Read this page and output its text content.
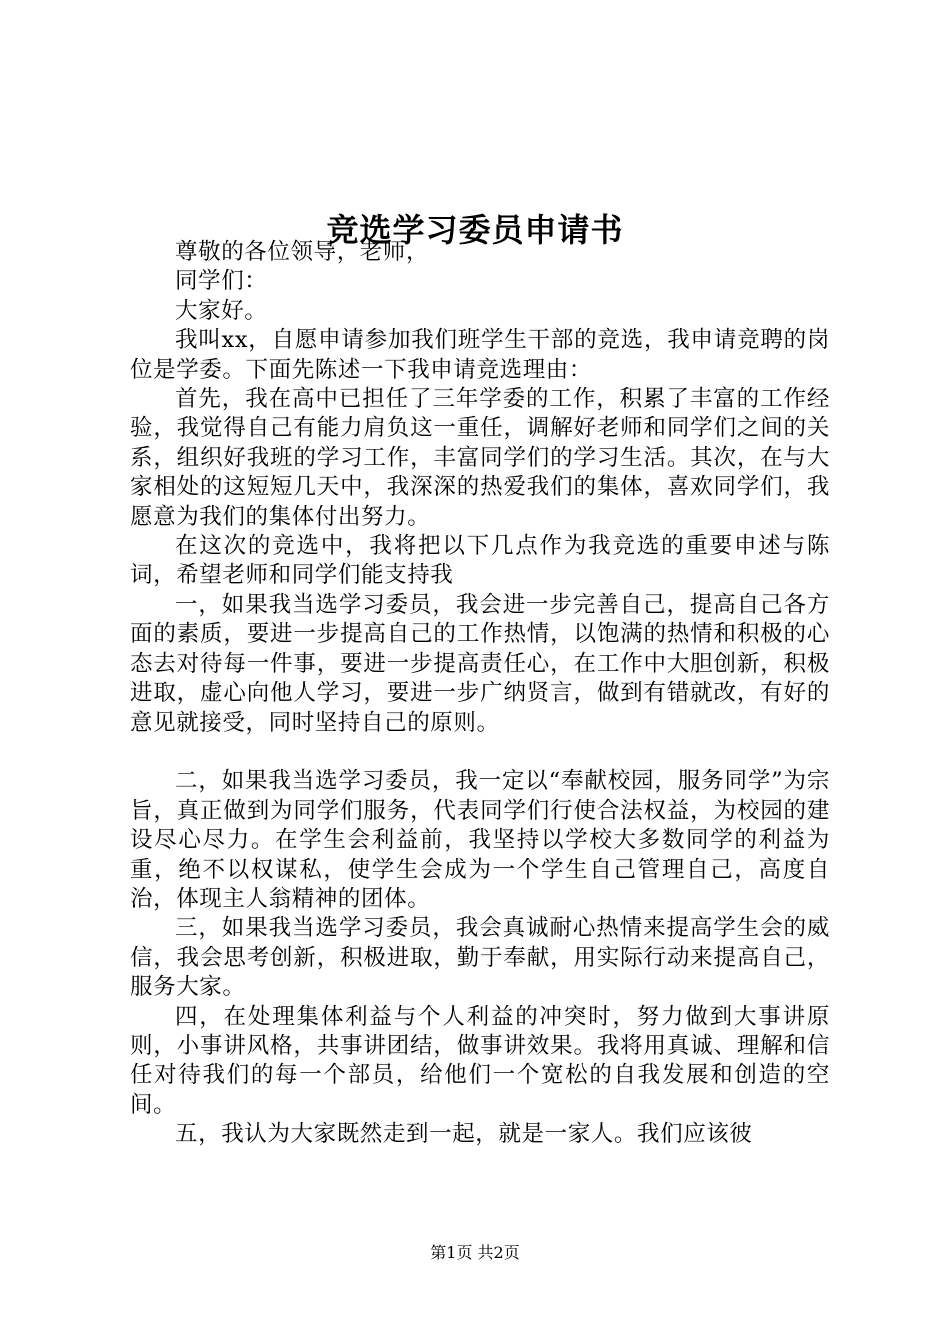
竞选学习委员申请书

尊敬的各位领导，老师，

同学们：

大家好。

我叫xx，自愿申请参加我们班学生干部的竞选，我申请竞聘的岗位是学委。下面先陈述一下我申请竞选理由：

首先，我在高中已担任了三年学委的工作，积累了丰富的工作经验，我觉得自己有能力肩负这一重任，调解好老师和同学们之间的关系，组织好我班的学习工作，丰富同学们的学习生活。其次，在与大家相处的这短短几天中，我深深的热爱我们的集体，喜欢同学们，我愿意为我们的集体付出努力。

在这次的竞选中，我将把以下几点作为我竞选的重要申述与陈词，希望老师和同学们能支持我

一，如果我当选学习委员，我会进一步完善自己，提高自己各方面的素质，要进一步提高自己的工作热情，以饱满的热情和积极的心态去对待每一件事，要进一步提高责任心，在工作中大胆创新，积极进取，虚心向他人学习，要进一步广纳贤言，做到有错就改，有好的意见就接受，同时坚持自己的原则。

二，如果我当选学习委员，我一定以“奉献校园，服务同学”为宗旨，真正做到为同学们服务，代表同学们行使合法权益，为校园的建设尽心尽力。在学生会利益前，我坚持以学校大多数同学的利益为重，绝不以权谋私，使学生会成为一个学生自己管理自己，高度自治，体现主人翁精神的团体。

三，如果我当选学习委员，我会真诚耐心热情来提高学生会的威信，我会思考创新，积极进取，勤于奉献，用实际行动来提高自己，服务大家。

四，在处理集体利益与个人利益的冲突时，努力做到大事讲原则，小事讲风格，共事讲团结，做事讲效果。我将用真诚、理解和信任对待我们的每一个部员，给他们一个宽松的自我发展和创造的空间。

五，我认为大家既然走到一起，就是一家人。我们应该彼

第1页 共2页
